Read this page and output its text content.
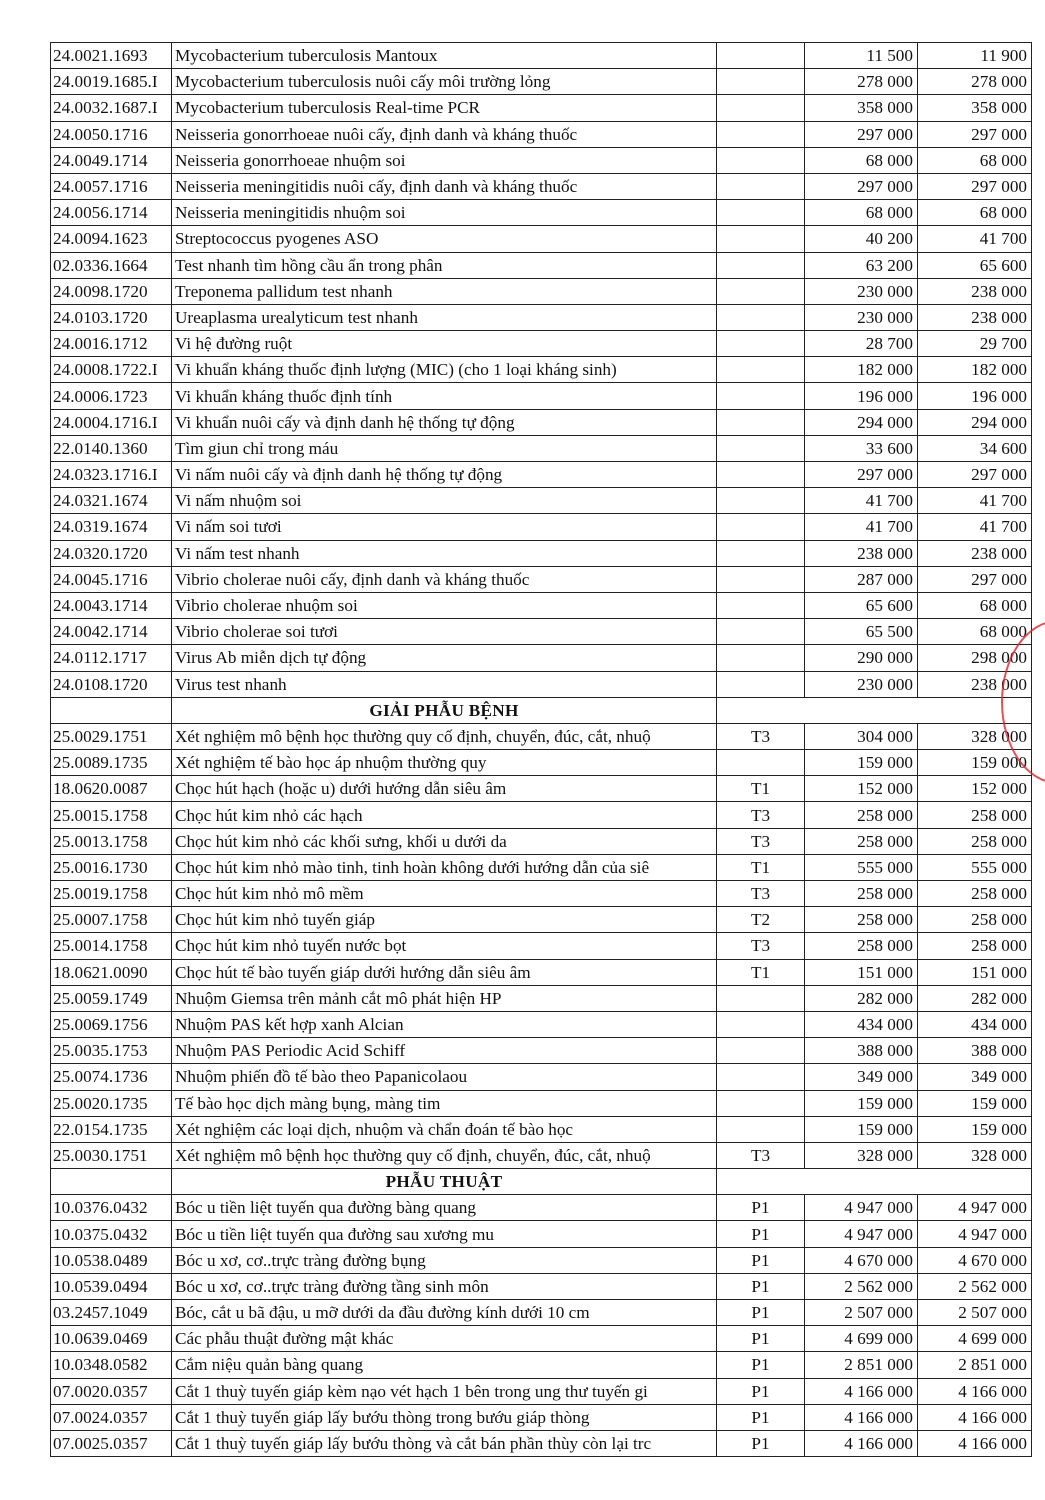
24.0021.1693	Mycobacterium tuberculosis Mantoux		11 500	11 900
24.0019.1685.I	Mycobacterium tuberculosis nuôi cấy môi trường lỏng		278 000	278 000
24.0032.1687.I	Mycobacterium tuberculosis Real-time PCR		358 000	358 000
24.0050.1716	Neisseria gonorrhoeae nuôi cấy, định danh và kháng thuốc		297 000	297 000
24.0049.1714	Neisseria gonorrhoeae nhuộm soi		68 000	68 000
24.0057.1716	Neisseria meningitidis nuôi cấy, định danh và kháng thuốc		297 000	297 000
24.0056.1714	Neisseria meningitidis nhuộm soi		68 000	68 000
24.0094.1623	Streptococcus pyogenes ASO		40 200	41 700
02.0336.1664	Test nhanh tìm hồng cầu ẩn trong phân		63 200	65 600
24.0098.1720	Treponema pallidum test nhanh		230 000	238 000
24.0103.1720	Ureaplasma urealyticum test nhanh		230 000	238 000
24.0016.1712	Vi hệ đường ruột		28 700	29 700
24.0008.1722.I	Vi khuẩn kháng thuốc định lượng (MIC) (cho 1 loại kháng sinh)		182 000	182 000
24.0006.1723	Vi khuẩn kháng thuốc định tính		196 000	196 000
24.0004.1716.I	Vi khuẩn nuôi cấy và định danh hệ thống tự động		294 000	294 000
22.0140.1360	Tìm giun chỉ trong máu		33 600	34 600
24.0323.1716.I	Vi nấm nuôi cấy và định danh hệ thống tự động		297 000	297 000
24.0321.1674	Vi nấm nhuộm soi		41 700	41 700
24.0319.1674	Vi nấm soi tươi		41 700	41 700
24.0320.1720	Vi nấm test nhanh		238 000	238 000
24.0045.1716	Vibrio cholerae nuôi cấy, định danh và kháng thuốc		287 000	297 000
24.0043.1714	Vibrio cholerae nhuộm soi		65 600	68 000
24.0042.1714	Vibrio cholerae soi tươi		65 500	68 000
24.0112.1717	Virus Ab miễn dịch tự động		290 000	298 000
24.0108.1720	Virus test nhanh		230 000	238 000
	GIẢI PHẪU BỆNH			
25.0029.1751	Xét nghiệm mô bệnh học thường quy cố định, chuyển, đúc, cắt, nhuộ	T3	304 000	328 000
25.0089.1735	Xét nghiệm tế bào học áp nhuộm thường quy		159 000	159 000
18.0620.0087	Chọc hút hạch (hoặc u) dưới hướng dẫn siêu âm	T1	152 000	152 000
25.0015.1758	Chọc hút kim nhỏ các hạch	T3	258 000	258 000
25.0013.1758	Chọc hút kim nhỏ các khối sưng, khối u dưới da	T3	258 000	258 000
25.0016.1730	Chọc hút kim nhỏ mào tinh, tinh hoàn không dưới hướng dẫn của siê	T1	555 000	555 000
25.0019.1758	Chọc hút kim nhỏ mô mềm	T3	258 000	258 000
25.0007.1758	Chọc hút kim nhỏ tuyến giáp	T2	258 000	258 000
25.0014.1758	Chọc hút kim nhỏ tuyến nước bọt	T3	258 000	258 000
18.0621.0090	Chọc hút tế bào tuyến giáp dưới hướng dẫn siêu âm	T1	151 000	151 000
25.0059.1749	Nhuộm Giemsa trên mảnh cắt mô phát hiện HP		282 000	282 000
25.0069.1756	Nhuộm PAS kết hợp xanh Alcian		434 000	434 000
25.0035.1753	Nhuộm PAS Periodic Acid Schiff		388 000	388 000
25.0074.1736	Nhuộm phiến đồ tế bào theo Papanicolaou		349 000	349 000
25.0020.1735	Tế bào học dịch màng bụng, màng tim		159 000	159 000
22.0154.1735	Xét nghiệm các loại dịch, nhuộm và chẩn đoán tế bào học		159 000	159 000
25.0030.1751	Xét nghiệm mô bệnh học thường quy cố định, chuyển, đúc, cắt, nhuộ	T3	328 000	328 000
	PHẪU THUẬT			
10.0376.0432	Bóc u tiền liệt tuyến qua đường bàng quang	P1	4 947 000	4 947 000
10.0375.0432	Bóc u tiền liệt tuyến qua đường sau xương mu	P1	4 947 000	4 947 000
10.0538.0489	Bóc u xơ, cơ..trực tràng đường bụng	P1	4 670 000	4 670 000
10.0539.0494	Bóc u xơ, cơ..trực tràng đường tầng sinh môn	P1	2 562 000	2 562 000
03.2457.1049	Bóc, cắt u bã đậu, u mỡ dưới da đầu đường kính dưới 10 cm	P1	2 507 000	2 507 000
10.0639.0469	Các phẫu thuật đường mật khác	P1	4 699 000	4 699 000
10.0348.0582	Cắm niệu quản bàng quang	P1	2 851 000	2 851 000
07.0020.0357	Cắt 1 thuỳ tuyến giáp kèm nạo vét hạch 1 bên trong ung thư tuyến gi	P1	4 166 000	4 166 000
07.0024.0357	Cắt 1 thuỳ tuyến giáp lấy bướu thòng trong bướu giáp thòng	P1	4 166 000	4 166 000
07.0025.0357	Cắt 1 thuỳ tuyến giáp lấy bướu thòng và cắt bán phần thùy còn lại trc	P1	4 166 000	4 166 000
